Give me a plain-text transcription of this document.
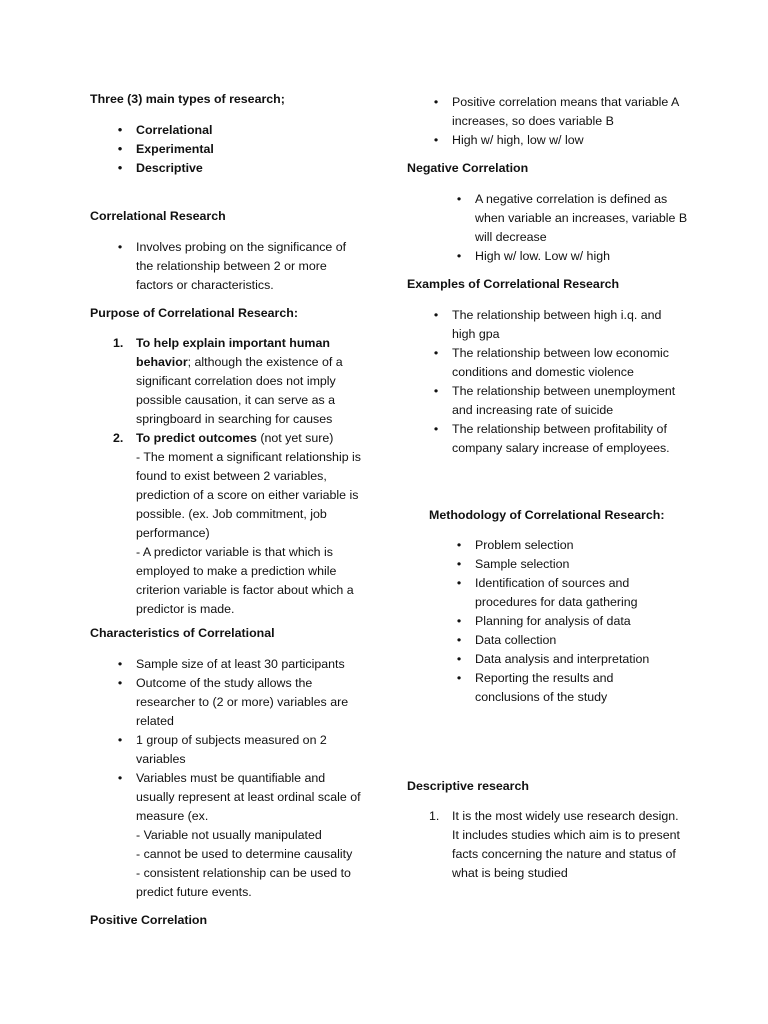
Three (3) main types of research;
•	Correlational
•	Experimental
•	Descriptive
Correlational Research
•	Involves probing on the significance of the relationship between 2 or more factors or characteristics.
Purpose of Correlational Research:
1. To help explain important human behavior; although the existence of a significant correlation does not imply possible causation, it can serve as a springboard in searching for causes
2. To predict outcomes (not yet sure)
- The moment a significant relationship is found to exist between 2 variables, prediction of a score on either variable is possible. (ex. Job commitment, job performance)
- A predictor variable is that which is employed to make a prediction while criterion variable is factor about which a predictor is made.
Characteristics of Correlational
•	Sample size of at least 30 participants
•	Outcome of the study allows the researcher to (2 or more) variables are related
•	1 group of subjects measured on 2 variables
•	Variables must be quantifiable and usually represent at least ordinal scale of measure (ex.
- Variable not usually manipulated
- cannot be used to determine causality
- consistent relationship can be used to predict future events.
Positive Correlation
•	Positive correlation means that variable A increases, so does variable B
•	High w/ high, low w/ low
Negative Correlation
•	A negative correlation is defined as when variable an increases, variable B will decrease
•	High w/ low. Low w/ high
Examples of Correlational Research
•	The relationship between high i.q. and high gpa
•	The relationship between low economic conditions and domestic violence
•	The relationship between unemployment and increasing rate of suicide
•	The relationship between profitability of company salary increase of employees.
Methodology of Correlational Research:
•	Problem selection
•	Sample selection
•	Identification of sources and procedures for data gathering
•	Planning for analysis of data
•	Data collection
•	Data analysis and interpretation
•	Reporting the results and conclusions of the study
Descriptive research
1. It is the most widely use research design. It includes studies which aim is to present facts concerning the nature and status of what is being studied
